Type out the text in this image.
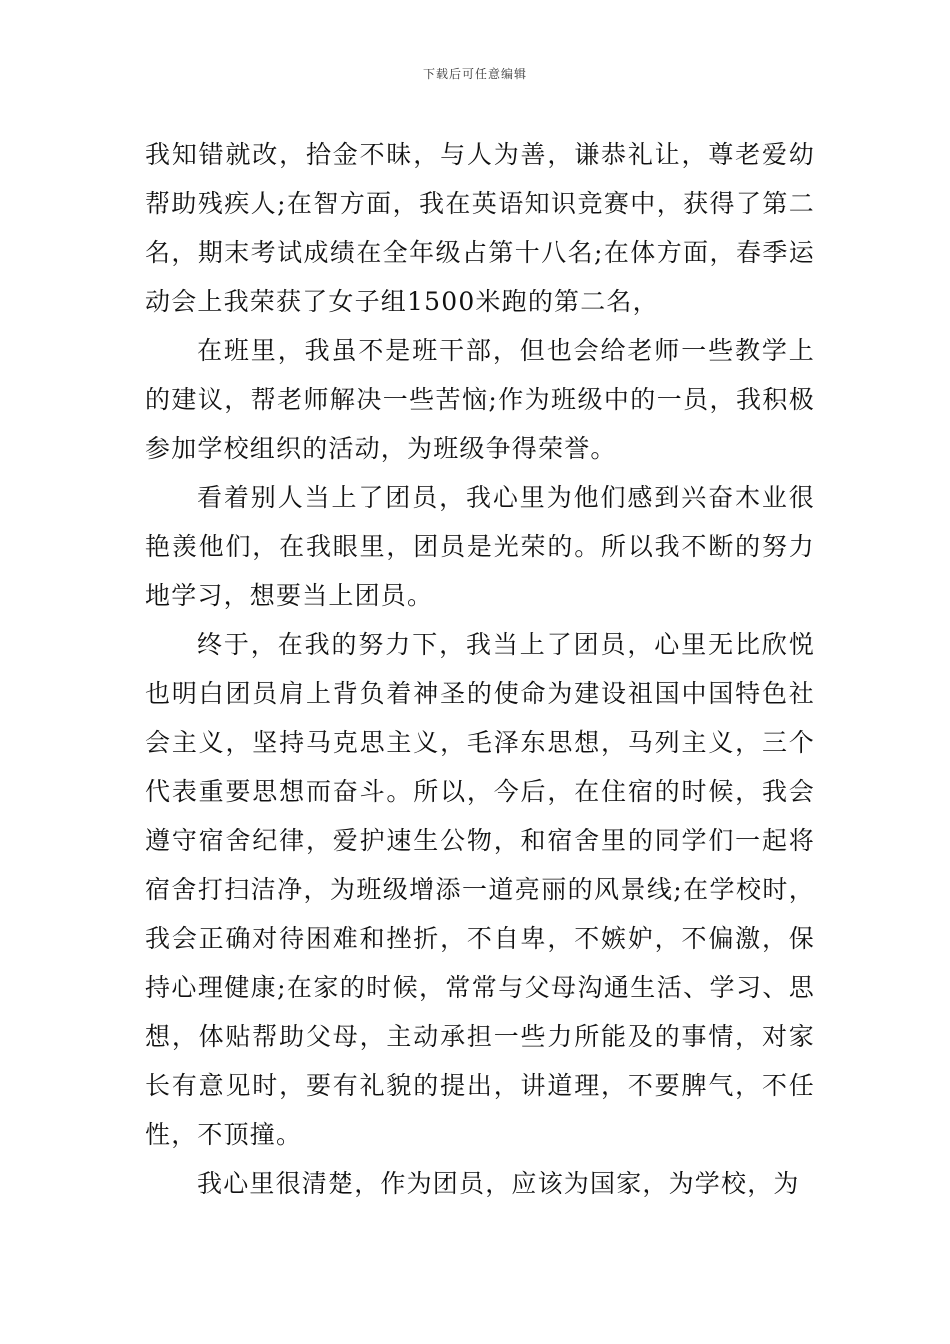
下载后可任意编辑

我知错就改，拾金不昧，与人为善，谦恭礼让，尊老爱幼帮助残疾人;在智方面，我在英语知识竞赛中，获得了第二名，期末考试成绩在全年级占第十八名;在体方面，春季运动会上我荣获了女子组1500米跑的第二名，

在班里，我虽不是班干部，但也会给老师一些教学上的建议，帮老师解决一些苦恼;作为班级中的一员，我积极参加学校组织的活动，为班级争得荣誉。

看着别人当上了团员，我心里为他们感到兴奋木业很艳羡他们，在我眼里，团员是光荣的。所以我不断的努力地学习，想要当上团员。

终于，在我的努力下，我当上了团员，心里无比欣悦也明白团员肩上背负着神圣的使命为建设祖国中国特色社会主义，坚持马克思主义，毛泽东思想，马列主义，三个代表重要思想而奋斗。所以，今后，在住宿的时候，我会遵守宿舍纪律，爱护速生公物，和宿舍里的同学们一起将宿舍打扫洁净，为班级增添一道亮丽的风景线;在学校时，我会正确对待困难和挫折，不自卑，不嫉妒，不偏激，保持心理健康;在家的时候，常常与父母沟通生活、学习、思想，体贴帮助父母，主动承担一些力所能及的事情，对家长有意见时，要有礼貌的提出，讲道理，不要脾气，不任性，不顶撞。

我心里很清楚，作为团员，应该为国家，为学校，为
